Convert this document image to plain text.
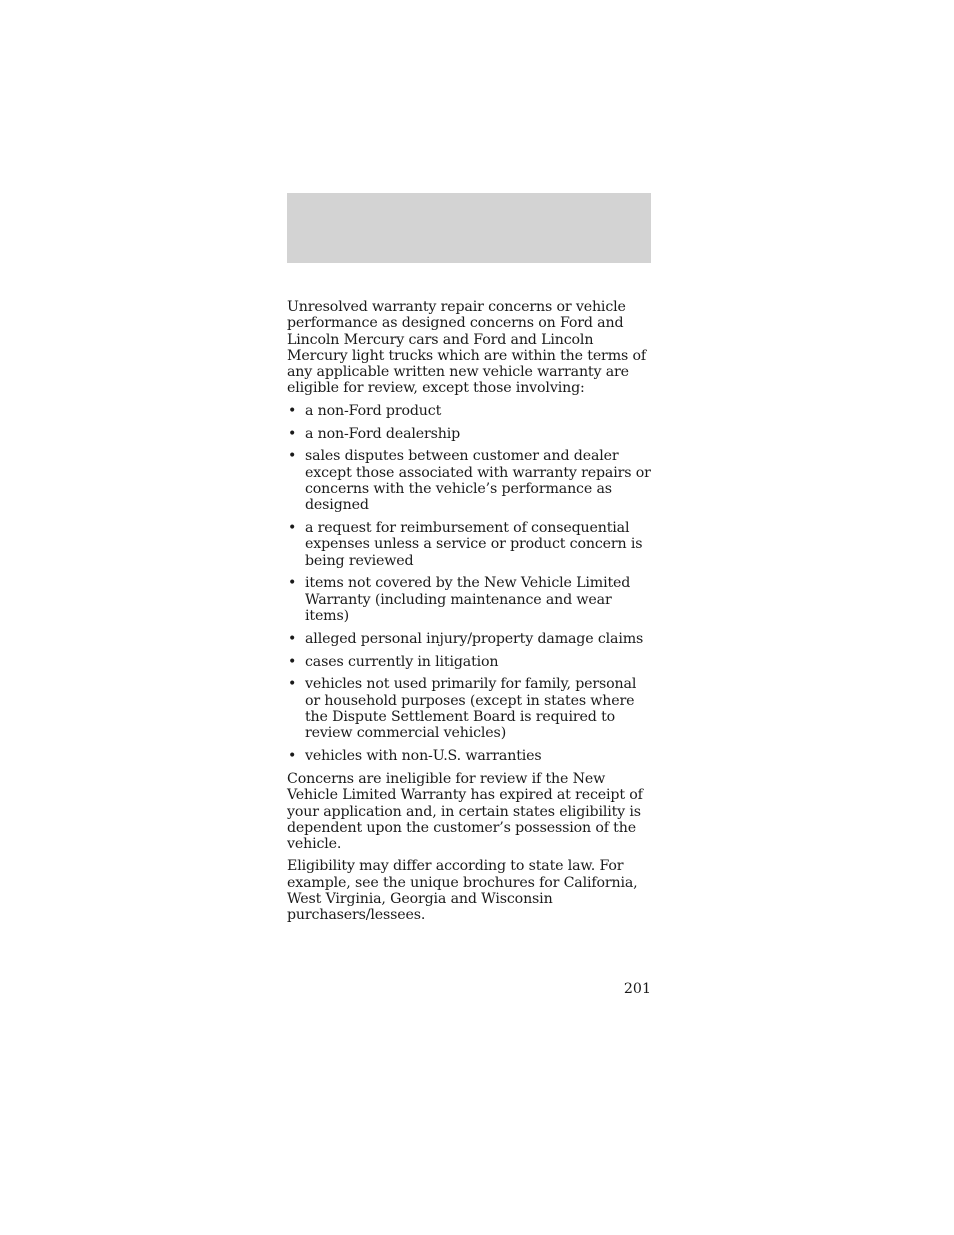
Unresolved warranty repair concerns or vehicle performance as designed concerns on Ford and Lincoln Mercury cars and Ford and Lincoln Mercury light trucks which are within the terms of any applicable written new vehicle warranty are eligible for review, except those involving:

• a non-Ford product
• a non-Ford dealership
• sales disputes between customer and dealer except those associated with warranty repairs or concerns with the vehicle’s performance as designed
• a request for reimbursement of consequential expenses unless a service or product concern is being reviewed
• items not covered by the New Vehicle Limited Warranty (including maintenance and wear items)
• alleged personal injury/property damage claims
• cases currently in litigation
• vehicles not used primarily for family, personal or household purposes (except in states where the Dispute Settlement Board is required to review commercial vehicles)
• vehicles with non-U.S. warranties

Concerns are ineligible for review if the New Vehicle Limited Warranty has expired at receipt of your application and, in certain states eligibility is dependent upon the customer’s possession of the vehicle.

Eligibility may differ according to state law. For example, see the unique brochures for California, West Virginia, Georgia and Wisconsin purchasers/lessees.

201
